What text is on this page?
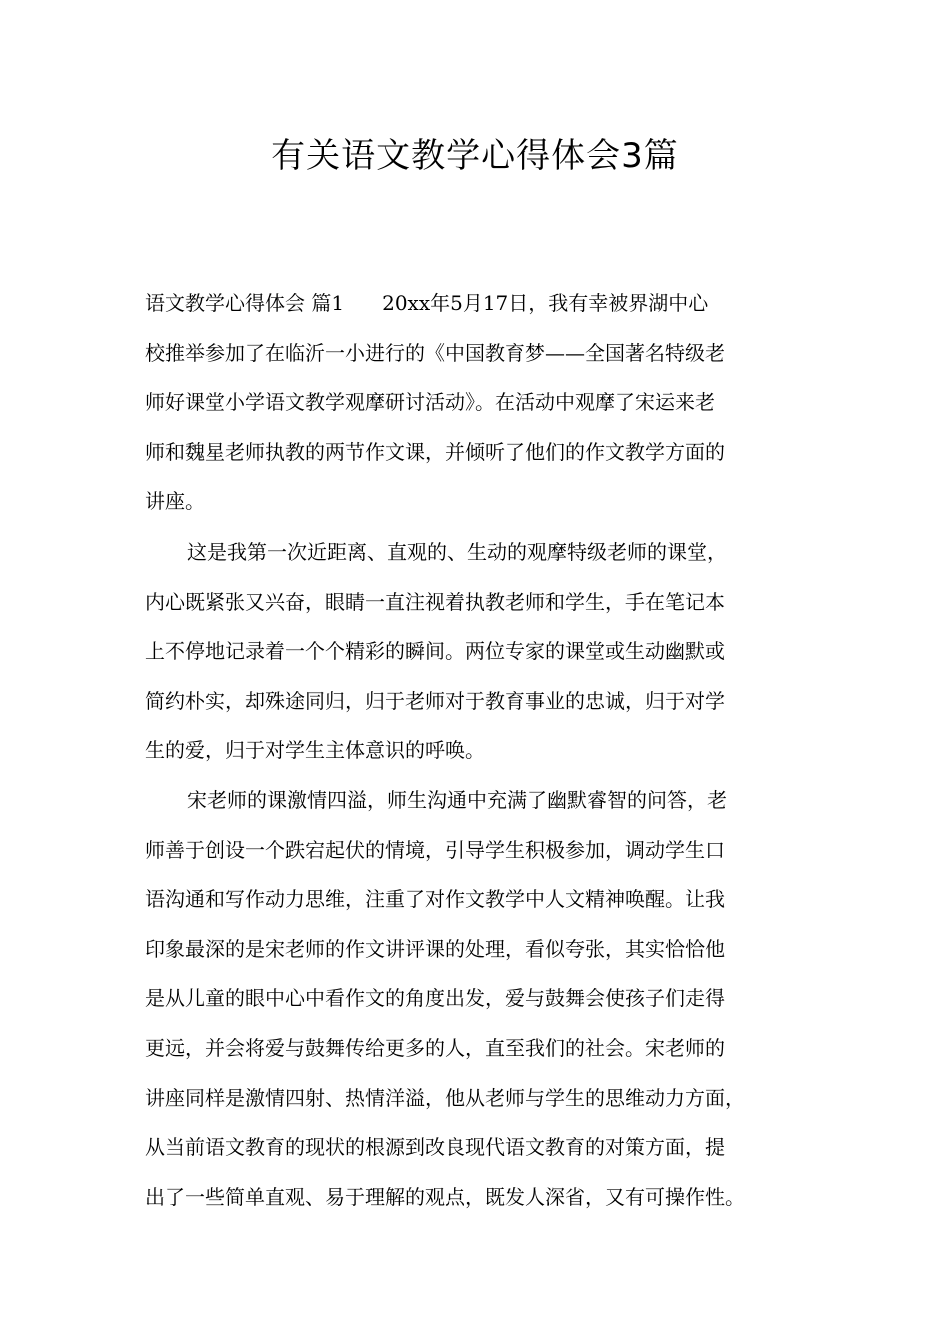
有关语文教学心得体会3篇
语文教学心得体会 篇1 20xx年5月17日，我有幸被界湖中心
校推举参加了在临沂一小进行的《中国教育梦——全国著名特级老
师好课堂小学语文教学观摩研讨活动》。在活动中观摩了宋运来老
师和魏星老师执教的两节作文课，并倾听了他们的作文教学方面的
讲座。
这是我第一次近距离、直观的、生动的观摩特级老师的课堂，
内心既紧张又兴奋，眼睛一直注视着执教老师和学生，手在笔记本
上不停地记录着一个个精彩的瞬间。两位专家的课堂或生动幽默或
简约朴实，却殊途同归，归于老师对于教育事业的忠诚，归于对学
生的爱，归于对学生主体意识的呼唤。
宋老师的课激情四溢，师生沟通中充满了幽默睿智的问答，老
师善于创设一个跌宕起伏的情境，引导学生积极参加，调动学生口
语沟通和写作动力思维，注重了对作文教学中人文精神唤醒。让我
印象最深的是宋老师的作文讲评课的处理，看似夸张，其实恰恰他
是从儿童的眼中心中看作文的角度出发，爱与鼓舞会使孩子们走得
更远，并会将爱与鼓舞传给更多的人，直至我们的社会。宋老师的
讲座同样是激情四射、热情洋溢，他从老师与学生的思维动力方面，
从当前语文教育的现状的根源到改良现代语文教育的对策方面，提
出了一些简单直观、易于理解的观点，既发人深省，又有可操作性。
